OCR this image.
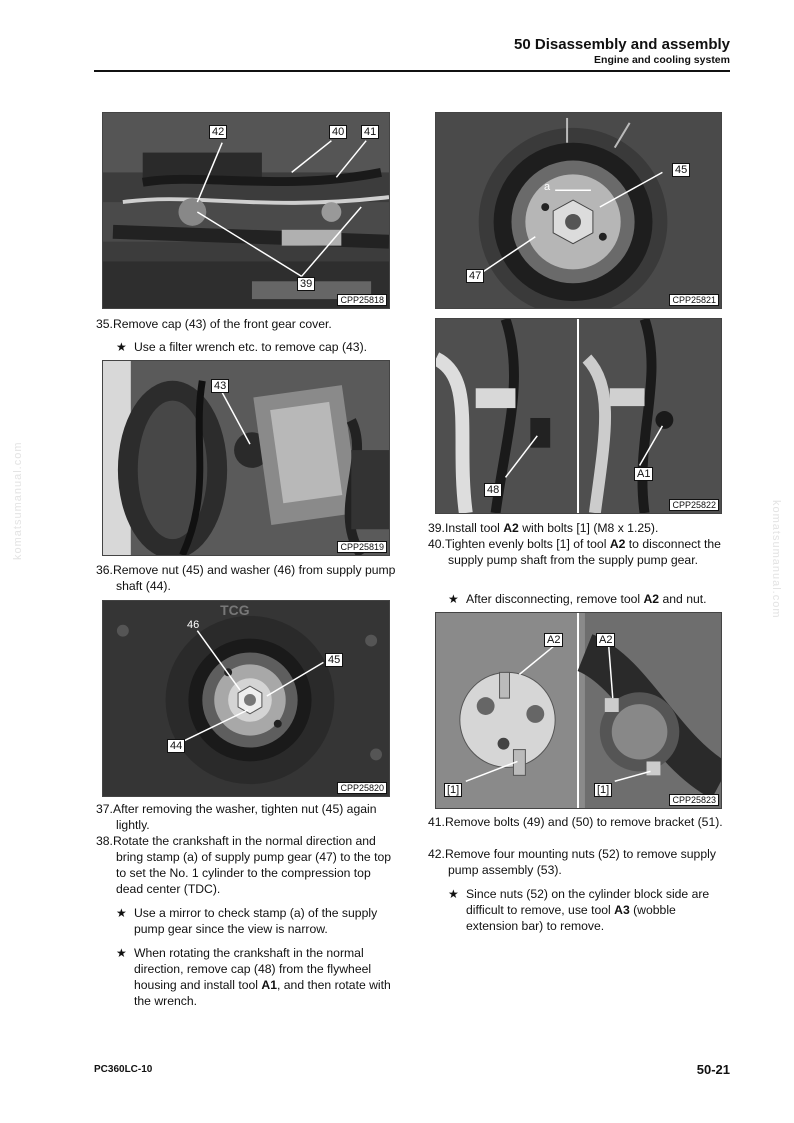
50 Disassembly and assembly
Engine and cooling system
komatsumanual.com	komatsumanual.com
42	40 41
39
CPP25818
35.Remove cap (43) of the front gear cover.
★ Use a filter wrench etc. to remove cap (43).
43
CPP25819
36.Remove nut (45) and washer (46) from supply pump shaft (44).
TCG
46
45
44
CPP25820
37.After removing the washer, tighten nut (45) again lightly.
38.Rotate the crankshaft in the normal direction and bring stamp (a) of supply pump gear (47) to the top to set the No. 1 cylinder to the compression top dead center (TDC).
★ Use a mirror to check stamp (a) of the supply pump gear since the view is narrow.
★ When rotating the crankshaft in the normal direction, remove cap (48) from the flywheel housing and install tool A1, and then rotate with the wrench.
a
45
47
CPP25821
48
A1
CPP25822
39.Install tool A2 with bolts [1] (M8 x 1.25).
40.Tighten evenly bolts [1] of tool A2 to disconnect the supply pump shaft from the supply pump gear.
★ After disconnecting, remove tool A2 and nut.
A2	A2
[1]	[1]
CPP25823
41.Remove bolts (49) and (50) to remove bracket (51).
42.Remove four mounting nuts (52) to remove supply pump assembly (53).
★ Since nuts (52) on the cylinder block side are difficult to remove, use tool A3 (wobble extension bar) to remove.
PC360LC-10	50-21
